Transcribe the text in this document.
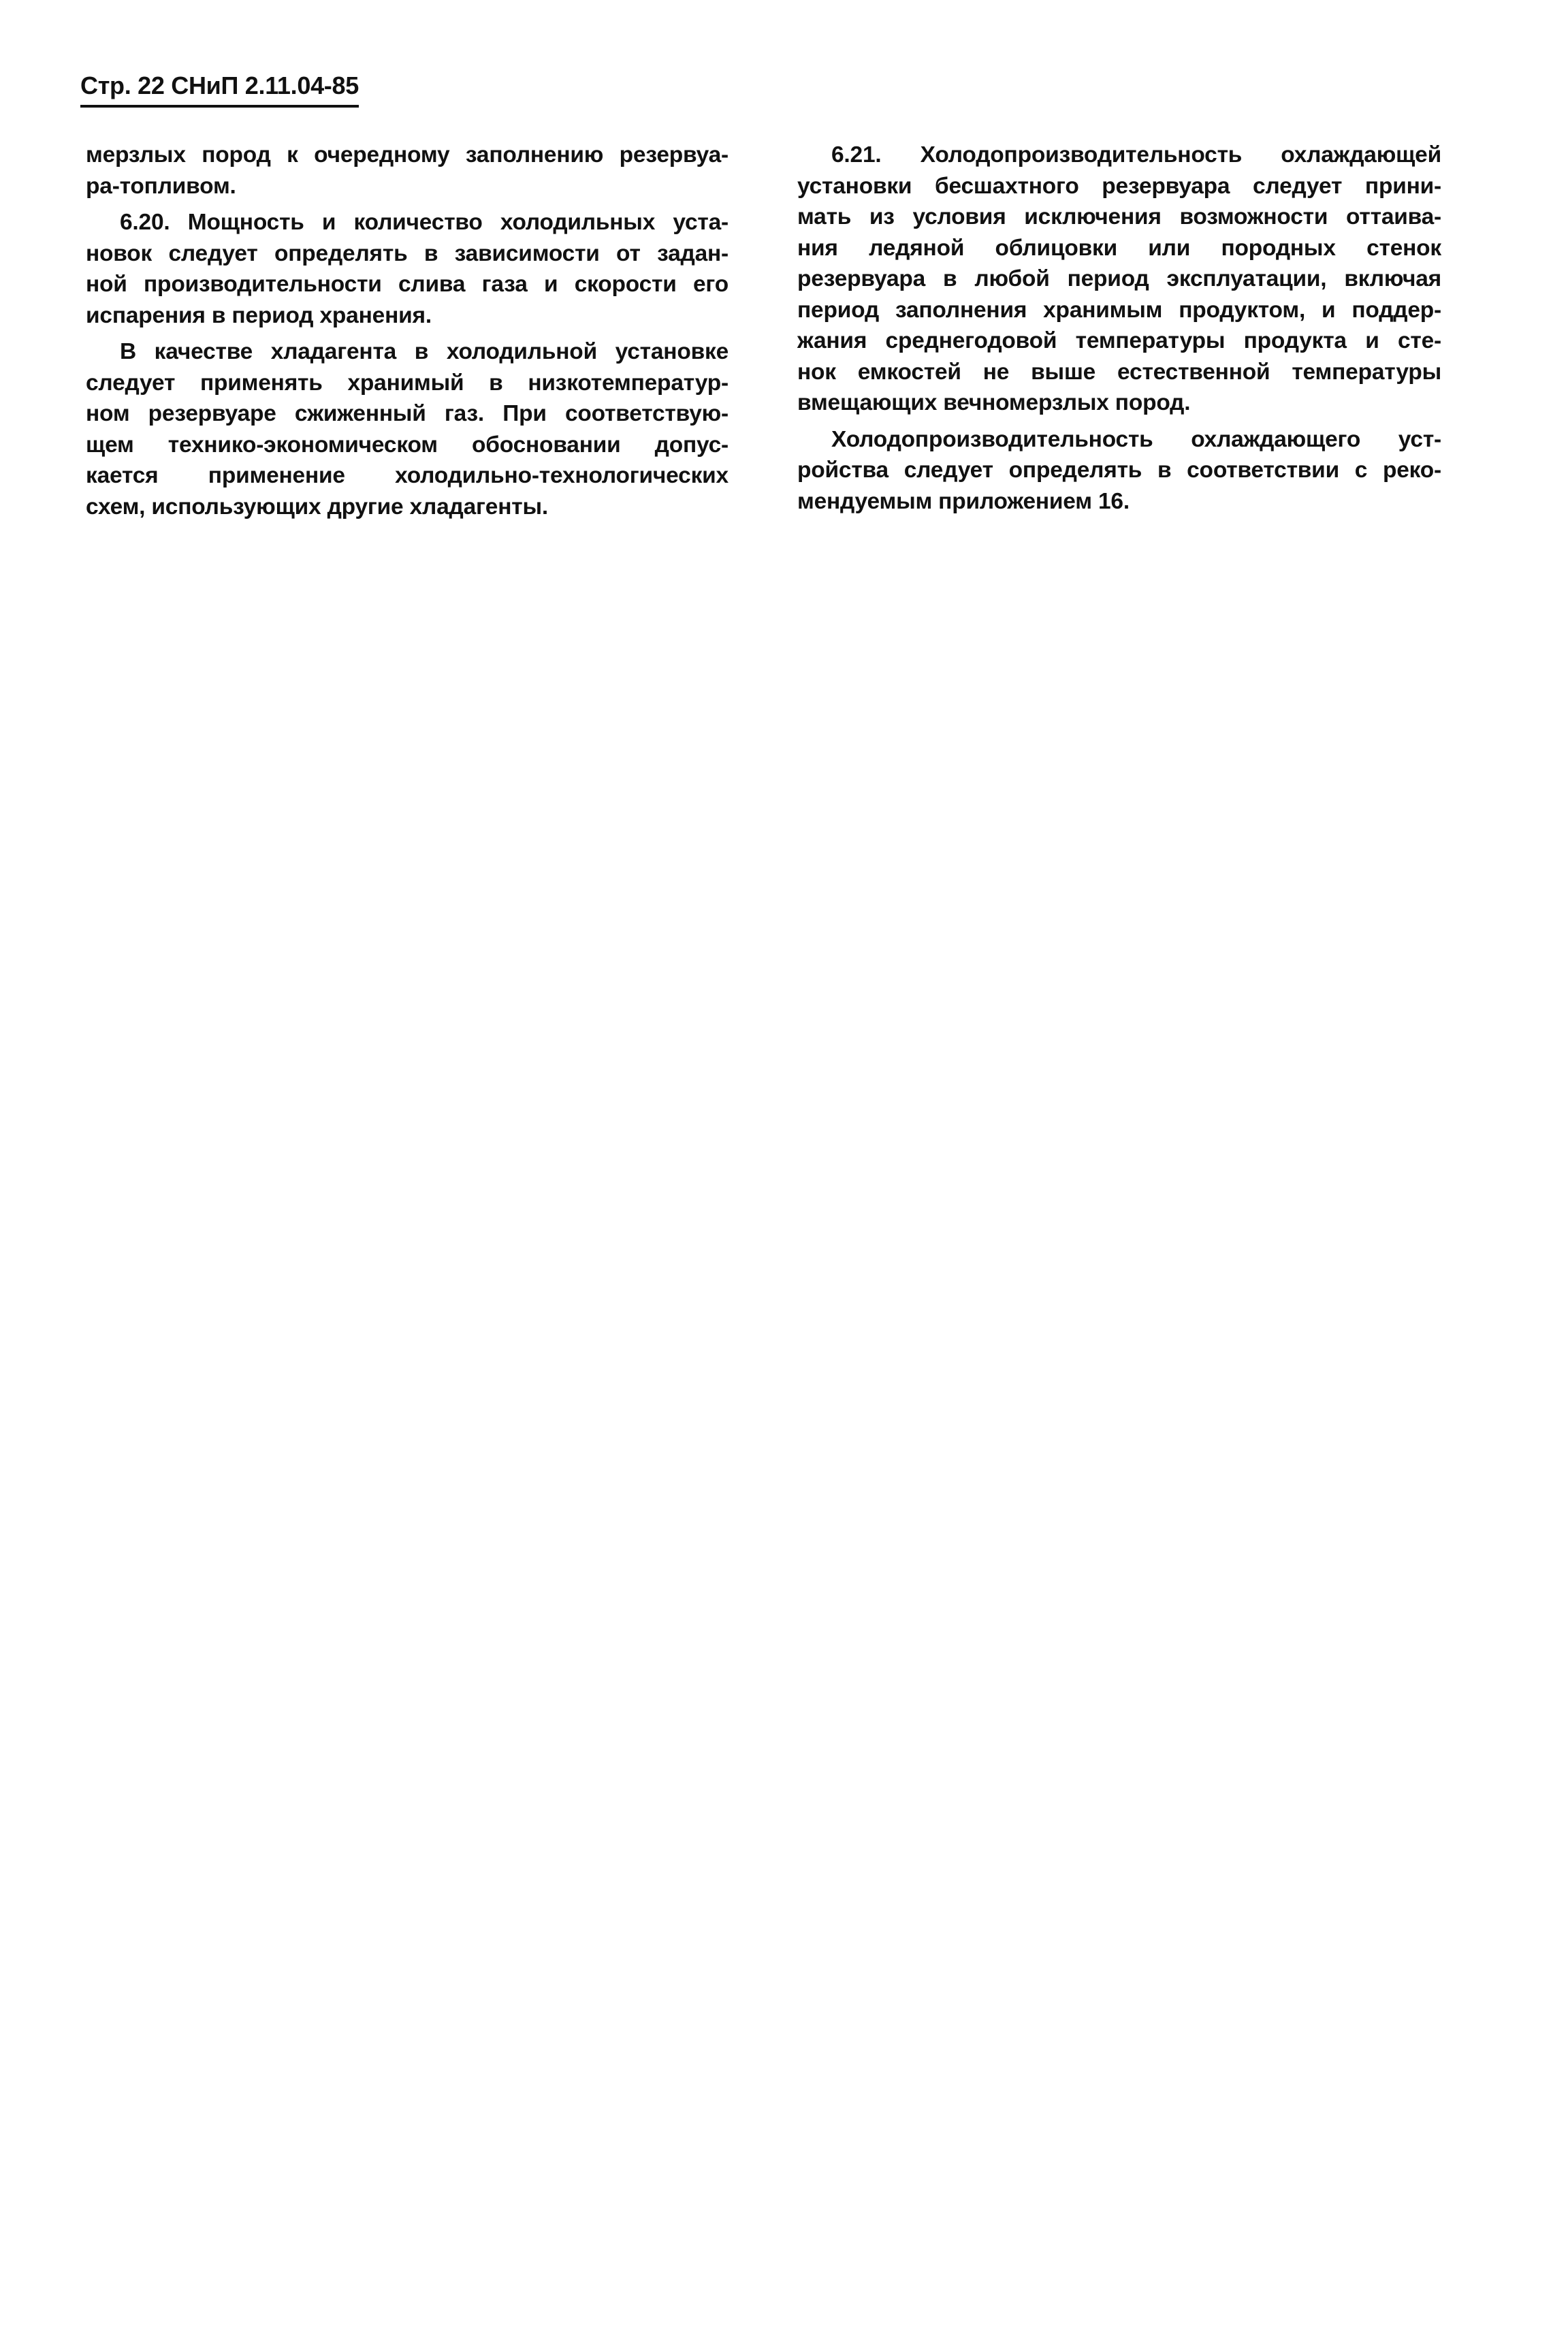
Стр. 22 СНиП 2.11.04-85
мерзлых пород к очередному заполнению резервуа-
ра-топливом.
6.20. Мощность и количество холодильных уста-
новок следует определять в зависимости от задан-
ной производительности слива газа и скорости его
испарения в период хранения.
В качестве хладагента в холодильной установке
следует применять хранимый в низкотемператур-
ном резервуаре сжиженный газ. При соответствую-
щем технико-экономическом обосновании допус-
кается применение холодильно-технологических
схем, использующих другие хладагенты.
6.21. Холодопроизводительность охлаждающей
установки бесшахтного резервуара следует прини-
мать из условия исключения возможности оттаива-
ния ледяной облицовки или породных стенок
резервуара в любой период эксплуатации, включая
период заполнения хранимым продуктом, и поддер-
жания среднегодовой температуры продукта и сте-
нок емкостей не выше естественной температуры
вмещающих вечномерзлых пород.
Холодопроизводительность охлаждающего уст-
ройства следует определять в соответствии с реко-
мендуемым приложением 16.
